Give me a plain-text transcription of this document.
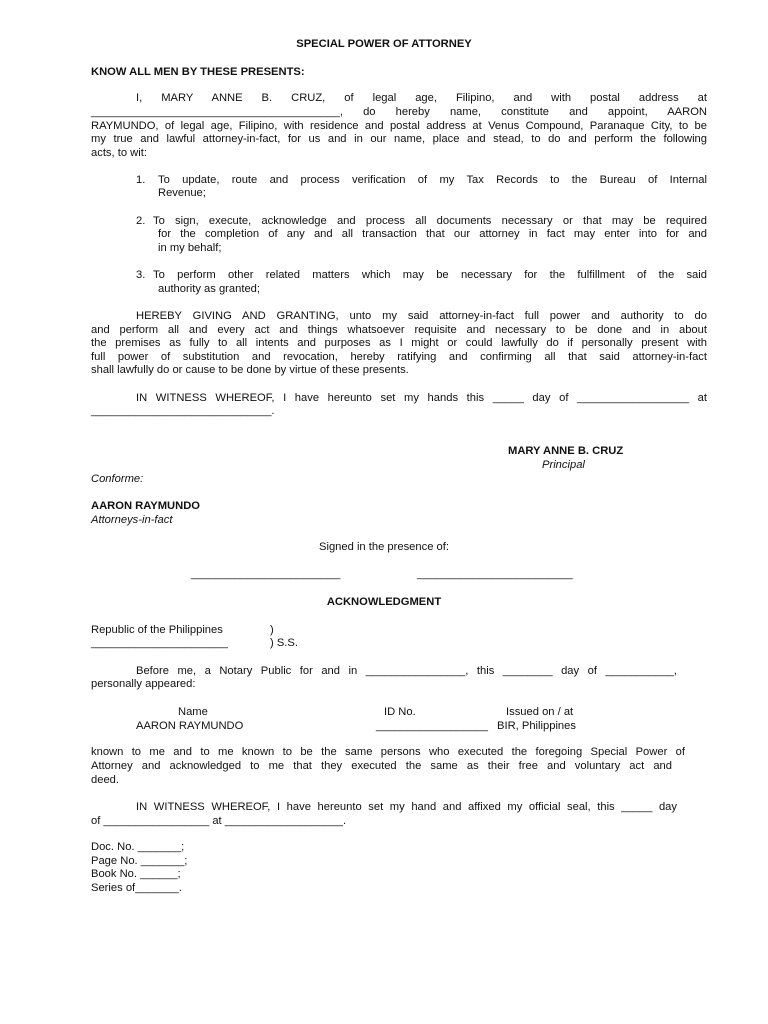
SPECIAL POWER OF ATTORNEY
KNOW ALL MEN BY THESE PRESENTS:
I, MARY ANNE B. CRUZ, of legal age, Filipino, and with postal address at
________________________________________, do hereby name, constitute and appoint, AARON
RAYMUNDO, of legal age, Filipino, with residence and postal address at Venus Compound, Paranaque City, to be
my true and lawful attorney-in-fact, for us and in our name, place and stead, to do and perform the following
acts, to wit:
1. To update, route and process verification of my Tax Records to the Bureau of Internal
Revenue;
2. To sign, execute, acknowledge and process all documents necessary or that may be required
for the completion of any and all transaction that our attorney in fact may enter into for and
in my behalf;
3. To perform other related matters which may be necessary for the fulfillment of the said
authority as granted;
HEREBY GIVING AND GRANTING, unto my said attorney-in-fact full power and authority to do
and perform all and every act and things whatsoever requisite and necessary to be done and in about
the premises as fully to all intents and purposes as I might or could lawfully do if personally present with
full power of substitution and revocation, hereby ratifying and confirming all that said attorney-in-fact
shall lawfully do or cause to be done by virtue of these presents.
IN WITNESS WHEREOF, I have hereunto set my hands this _____ day of __________________ at
_____________________________.
MARY ANNE B. CRUZ
Principal
Conforme:
AARON RAYMUNDO
Attorneys-in-fact
Signed in the presence of:
________________________	_________________________
ACKNOWLEDGMENT
Republic of the Philippines	)
______________________	) S.S.
Before me, a Notary Public for and in ________________, this ________ day of ___________,
personally appeared:
Name	ID No.	Issued on / at
AARON RAYMUNDO	__________________ BIR, Philippines
known to me and to me known to be the same persons who executed the foregoing Special Power of
Attorney and acknowledged to me that they executed the same as their free and voluntary act and
deed.
IN WITNESS WHEREOF, I have hereunto set my hand and affixed my official seal, this _____ day
of _________________ at ___________________.
Doc. No. _______;
Page No. _______;
Book No. ______;
Series of_______.
